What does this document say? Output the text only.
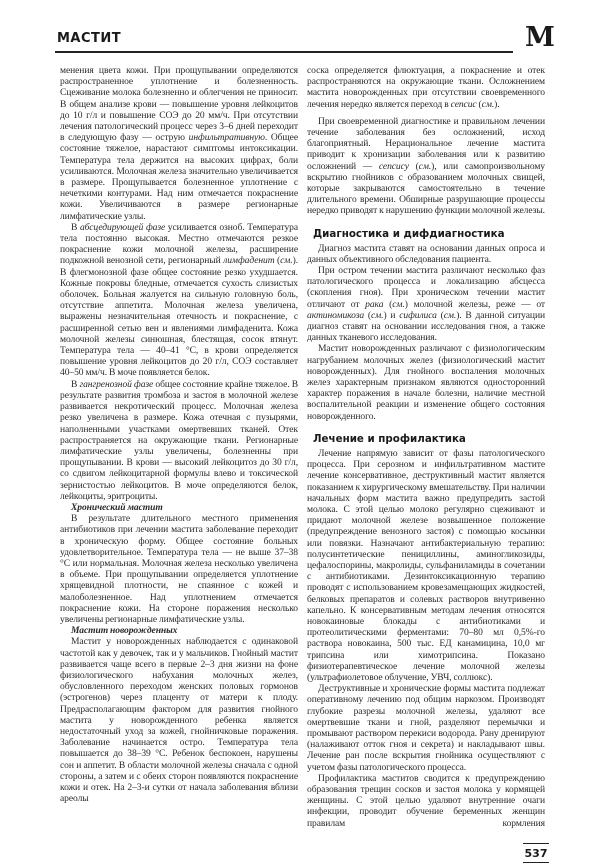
МАСТИТ	М

менения цвета кожи. При прощупывании определяются распространенное уплотнение и болезненность. Сцеживание молока болезненно и облегчения не приносит. В общем анализе крови — повышение уровня лейкоцитов до 10 г/л и повышение СОЭ до 20 мм/ч. При отсутствии лечения патологический процесс через 3–6 дней переходит в следующую фазу — острую инфильтративную. Общее состояние тяжелое, нарастают симптомы интоксикации. Температура тела держится на высоких цифрах, боли усиливаются. Молочная железа значительно увеличивается в размере. Прощупывается болезненное уплотнение с нечеткими контурами. Над ним отмечается покраснение кожи. Увеличиваются в размере регионарные лимфатические узлы.

В абсцедирующей фазе усиливается озноб. Температура тела постоянно высокая. Местно отмечаются резкое покраснение кожи молочной железы, расширение подкожной венозной сети, регионарный лимфаденит (см.). В флегмонозной фазе общее состояние резко ухудшается. Кожные покровы бледные, отмечается сухость слизистых оболочек. Больная жалуется на сильную головную боль, отсутствие аппетита. Молочная железа увеличена, выражены незначительная отечность и покраснение, с расширенной сетью вен и явлениями лимфаденита. Кожа молочной железы синюшная, блестящая, сосок втянут. Температура тела — 40–41 °С, в крови определяется повышение уровня лейкоцитов до 20 г/л, СОЭ составляет 40–50 мм/ч. В моче появляется белок.

В гангренозной фазе общее состояние крайне тяжелое. В результате развития тромбоза и застоя в молочной железе развивается некротический процесс. Молочная железа резко увеличена в размере. Кожа отечная с пузырями, наполненными участками омертвевших тканей. Отек распространяется на окружающие ткани. Регионарные лимфатические узлы увеличены, болезненны при прощупывании. В крови — высокий лейкоцитоз до 30 г/л, со сдвигом лейкоцитарной формулы влево и токсической зернистостью лейкоцитов. В моче определяются белок, лейкоциты, эритроциты.

Хронический мастит

В результате длительного местного применения антибиотиков при лечении мастита заболевание переходит в хроническую форму. Общее состояние больных удовлетворительное. Температура тела — не выше 37–38 °С или нормальная. Молочная железа несколько увеличена в объеме. При прощупывании определяется уплотнение хрящевидной плотности, не спаянное с кожей и малоболезненное. Над уплотнением отмечается покраснение кожи. На стороне поражения несколько увеличены регионарные лимфатические узлы.

Мастит новорожденных

Мастит у новорожденных наблюдается с одинаковой частотой как у девочек, так и у мальчиков. Гнойный мастит развивается чаще всего в первые 2–3 дня жизни на фоне физиологического набухания молочных желез, обусловленного переходом женских половых гормонов (эстрогенов) через плаценту от матери к плоду. Предрасполагающим фактором для развития гнойного мастита у новорожденного ребенка является недостаточный уход за кожей, гнойничковые поражения. Заболевание начинается остро. Температура тела повышается до 38–39 °С. Ребенок беспокоен, нарушены сон и аппетит. В области молочной железы сначала с одной стороны, а затем и с обеих сторон появляются покраснение кожи и отек. На 2–3-и сутки от начала заболевания вблизи ареолы

соска определяется флюктуация, а покраснение и отек распространяются на окружающие ткани. Осложнением мастита новорожденных при отсутствии своевременного лечения нередко является переход в сепсис (см.).

При своевременной диагностике и правильном лечении течение заболевания без осложнений, исход благоприятный. Нерациональное лечение мастита приводит к хронизации заболевания или к развитию осложнений — сепсису (см.), или самопроизвольному вскрытию гнойников с образованием молочных свищей, которые закрываются самостоятельно в течение длительного времени. Обширные разрушающие процессы нередко приводят к нарушению функции молочной железы.

Диагностика и дифдиагностика

Диагноз мастита ставят на основании данных опроса и данных объективного обследования пациента.

При остром течении мастита различают несколько фаз патологического процесса и локализацию абсцесса (скопления гноя). При хроническом течении мастит отличают от рака (см.) молочной железы, реже — от актиномикоза (см.) и сифилиса (см.). В данной ситуации диагноз ставят на основании исследования гноя, а также данных тканевого исследования.

Мастит новорожденных различают с физиологическим нагрубанием молочных желез (физиологический мастит новорожденных). Для гнойного воспаления молочных желез характерным признаком являются односторонний характер поражения в начале болезни, наличие местной воспалительной реакции и изменение общего состояния новорожденного.

Лечение и профилактика

Лечение напрямую зависит от фазы патологического процесса. При серозном и инфильтративном мастите лечение консервативное, деструктивный мастит является показанием к хирургическому вмешательству. При наличии начальных форм мастита важно предупредить застой молока. С этой целью молоко регулярно сцеживают и придают молочной железе возвышенное положение (предупреждение венозного застоя) с помощью косынки или повязки. Назначают антибактериальную терапию: полусинтетические пенициллины, аминогликозиды, цефалоспорины, макролиды, сульфаниламиды в сочетании с антибиотиками. Дезинтоксикационную терапию проводят с использованием кровезамещающих жидкостей, белковых препаратов и солевых растворов внутривенно капельно. К консервативным методам лечения относятся новокаиновые блокады с антибиотиками и протеолитическими ферментами: 70–80 мл 0,5%-го раствора новокаина, 500 тыс. ЕД канамицина, 10,0 мг трипсина или химотрипсина. Показано физиотерапевтическое лечение молочной железы (ультрафиолетовое облучение, УВЧ, соллюкс).

Деструктивные и хронические формы мастита подлежат оперативному лечению под общим наркозом. Производят глубокие разрезы молочной железы, удаляют все омертвевшие ткани и гной, разделяют перемычки и промывают раствором перекиси водорода. Рану дренируют (налаживают отток гноя и секрета) и накладывают швы. Лечение ран после вскрытия гнойника осуществляют с учетом фазы патологического процесса.

Профилактика маститов сводится к предупреждению образования трещин сосков и застоя молока у кормящей женщины. С этой целью удаляют внутренние очаги инфекции, проводит обучение беременных женщин правилам кормления

537
